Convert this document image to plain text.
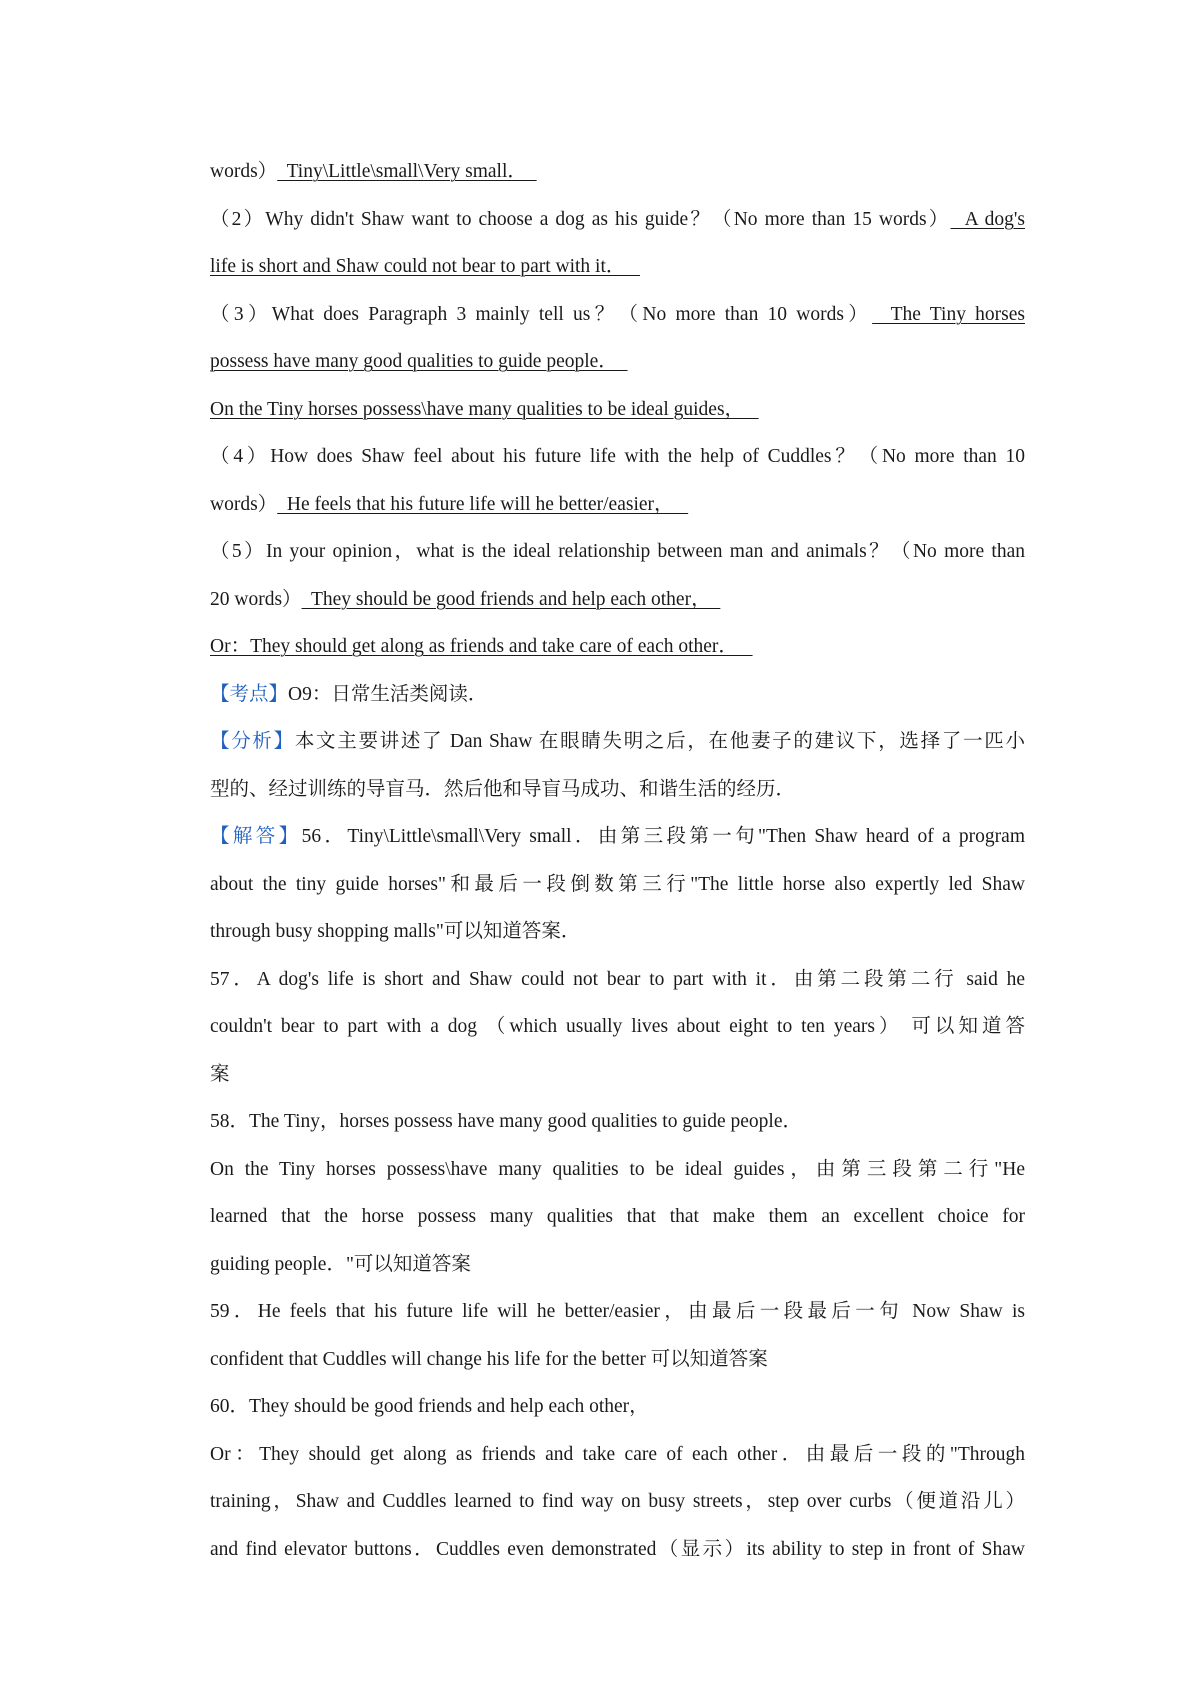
words）  Tiny\Little\small\Very small．
（2）Why didn't Shaw want to choose a dog as his guide？（No more than 15 words）  A dog's
life is short and Shaw could not bear to part with it．
（3）What does Paragraph 3 mainly tell us？（No more than 10 words）  The Tiny horses
possess have many good qualities to guide people．
On the Tiny horses possess\have many qualities to be ideal guides，
（4）How does Shaw feel about his future life with the help of Cuddles？（No more than 10
words）  He feels that his future life will he better/easier，
（5）In your opinion，what is the ideal relationship between man and animals？（No more than
20 words）  They should be good friends and help each other，
Or：They should get along as friends and take care of each other．
【考点】O9：日常生活类阅读．
【分析】本文主要讲述了 Dan Shaw 在眼睛失明之后，在他妻子的建议下，选择了一匹小
型的、经过训练的导盲马．然后他和导盲马成功、和谐生活的经历．
【解答】56．Tiny\Little\small\Very small．由第三段第一句"Then Shaw heard of a program
about the tiny guide horses"和最后一段倒数第三行"The little horse also expertly led Shaw
through busy shopping malls"可以知道答案．
57．A dog's life is short and Shaw could not bear to part with it．由第二段第二行 said he
couldn't bear to part with a dog （which usually lives about eight to ten years） 可以知道答
案
58．The Tiny，horses possess have many good qualities to guide people．
On the Tiny horses possess\have many qualities to be ideal guides，由第三段第二行"He
learned that the horse possess many qualities that that make them an excellent choice for
guiding people．"可以知道答案
59．He feels that his future life will he better/easier，由最后一段最后一句 Now Shaw is
confident that Cuddles will change his life for the better 可以知道答案
60．They should be good friends and help each other，
Or：They should get along as friends and take care of each other．由最后一段的"Through
training，Shaw and Cuddles learned to find way on busy streets，step over curbs（便道沿儿）
and find elevator buttons．Cuddles even demonstrated（显示）its ability to step in front of Shaw
